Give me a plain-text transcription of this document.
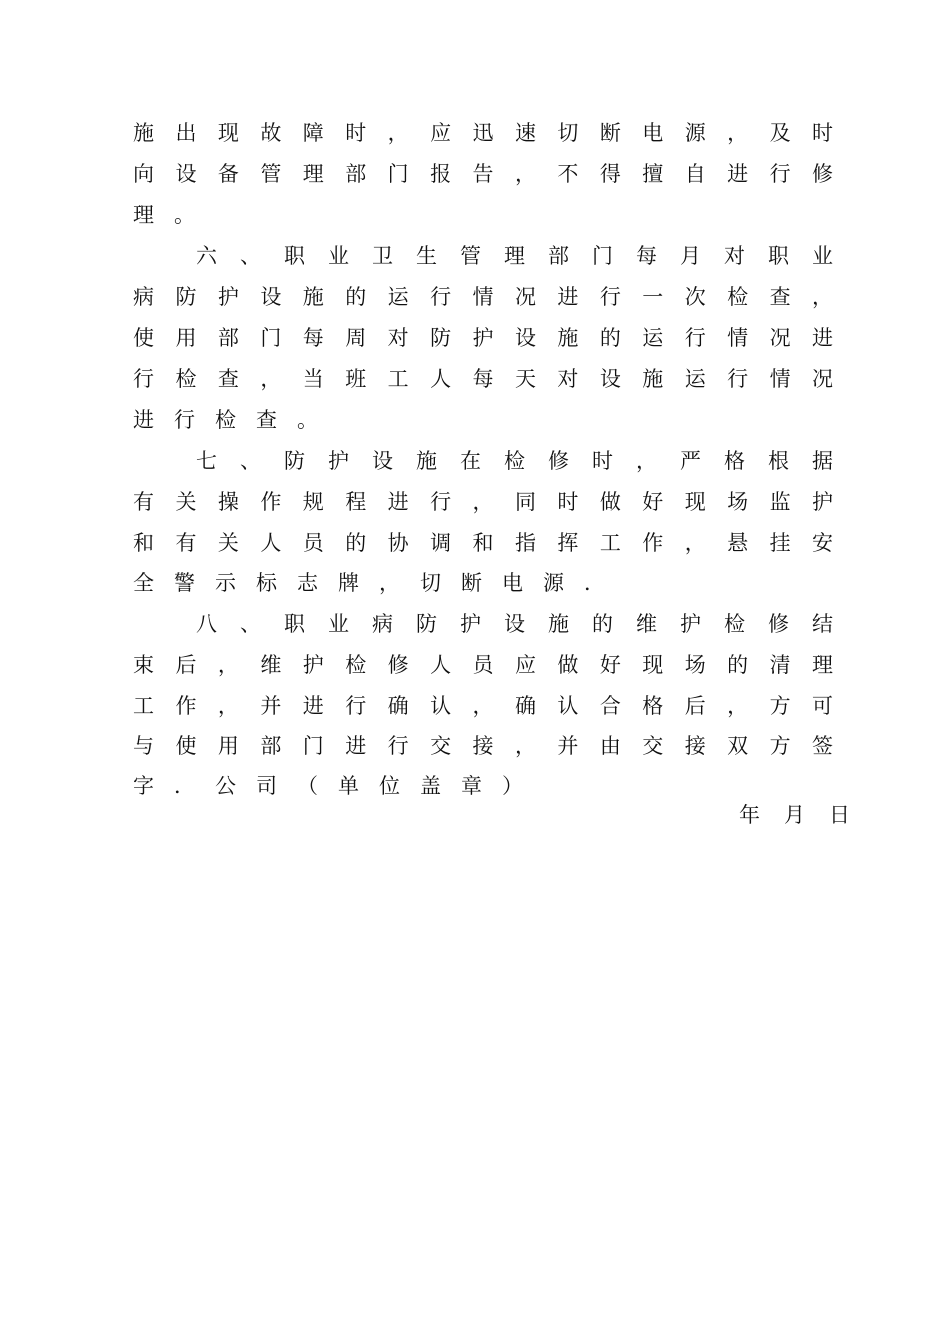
施 出 现 故 障 时 ， 应 迅 速 切 断 电 源 ， 及 时
向 设 备 管 理 部 门 报 告 ， 不 得 擅 自 进 行 修
理 。
六 、 职 业 卫 生 管 理 部 门 每 月 对 职 业
病 防 护 设 施 的 运 行 情 况 进 行 一 次 检 查 ，
使 用 部 门 每 周 对 防 护 设 施 的 运 行 情 况 进
行 检 查 ， 当 班 工 人 每 天 对 设 施 运 行 情 况
进 行 检 查 。
七 、 防 护 设 施 在 检 修 时 ， 严 格 根 据
有 关 操 作 规 程 进 行 ， 同 时 做 好 现 场 监 护
和 有 关 人 员 的 协 调 和 指 挥 工 作 ， 悬 挂 安
全 警 示 标 志 牌 ， 切 断 电 源 ．
八 、 职 业 病 防 护 设 施 的 维 护 检 修 结
束 后 ， 维 护 检 修 人 员 应 做 好 现 场 的 清 理
工 作 ， 并 进 行 确 认 ， 确 认 合 格 后 ， 方 可
与 使 用 部 门 进 行 交 接 ， 并 由 交 接 双 方 签
字 ． 公 司 （ 单 位 盖 章 ）
年 月 日
